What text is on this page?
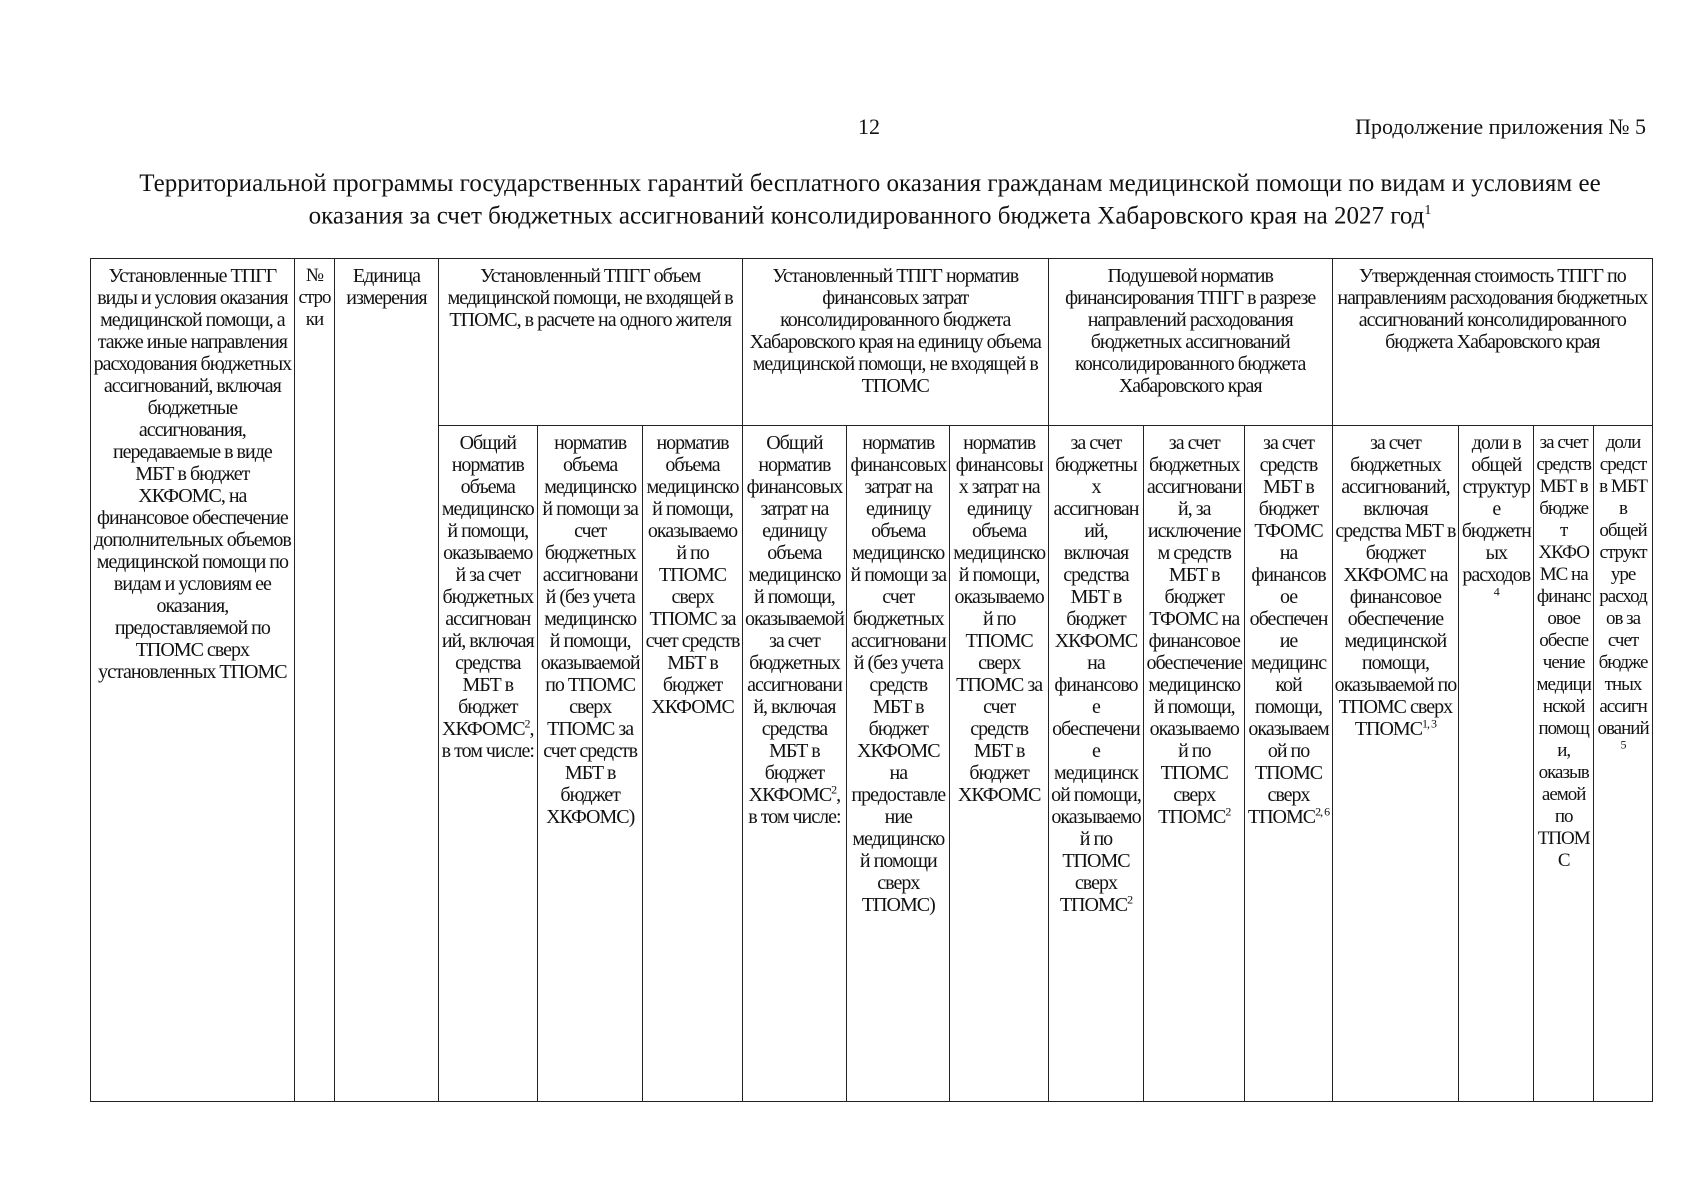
12	Продолжение приложения № 5
Территориальной программы государственных гарантий бесплатного оказания гражданам медицинской помощи по видам и условиям ее оказания за счет бюджетных ассигнований консолидированного бюджета Хабаровского края на 2027 год$^1$
Установленные ТПГГ виды и условия оказания медицинской помощи, а также иные направления расходования бюджетных ассигнований, включая бюджетные ассигнования, передаваемые в виде МБТ в бюджет ХКФОМС, на финансовое обеспечение дополнительных объемов медицинской помощи по видам и условиям ее оказания, предоставляемой по ТПОМС сверх установленных ТПОМС	№ строки	Единица измерения	Установленный ТПГГ объем медицинской помощи, не входящей в ТПОМС, в расчете на одного жителя			Установленный ТПГГ норматив финансовых затрат консолидированного бюджета Хабаровского края на единицу объема медицинской помощи, не входящей в ТПОМС			Подушевой норматив финансирования ТПГГ в разрезе направлений расходования бюджетных ассигнований консолидированного бюджета Хабаровского края			Утвержденная стоимость ТПГГ по направлениям расходования бюджетных ассигнований консолидированного бюджета Хабаровского края			
			Общий норматив объема медицинской помощи, оказываемой за счет бюджетных ассигнований, включая средства МБТ в бюджет ХКФОМС$^2$, в том числе:	норматив объема медицинской помощи за счет бюджетных ассигнований (без учета медицинской помощи, оказываемой по ТПОМС сверх ТПОМС за счет средств МБТ в бюджет ХКФОМС)	норматив объема медицинской помощи, оказываемой по ТПОМС сверх ТПОМС за счет средств МБТ в бюджет ХКФОМС	Общий норматив финансовых затрат на единицу объема медицинской помощи, оказываемой за счет бюджетных ассигнований, включая средства МБТ в бюджет ХКФОМС$^2$, в том числе:	норматив финансовых затрат на единицу объема медицинской помощи за счет бюджетных ассигнований (без учета средств МБТ в бюджет ХКФОМС на предоставление медицинской помощи сверх ТПОМС)	норматив финансовых затрат на единицу объема медицинской помощи, оказываемой по ТПОМС сверх ТПОМС за счет средств МБТ в бюджет ХКФОМС	за счет бюджетных ассигнований, включая средства МБТ в бюджет ХКФОМС на финансовое обеспечение медицинской помощи, оказываемой по ТПОМС сверх ТПОМС$^2$	за счет бюджетных ассигнований, за исключением средств МБТ в бюджет ТФОМС на финансовое обеспечение медицинской помощи, оказываемой по ТПОМС сверх ТПОМС$^2$	за счет средств МБТ в бюджет ТФОМС на финансовое обеспечение медицинской помощи, оказываемой по ТПОМС сверх ТПОМС$^{2, 6}$	за счет бюджетных ассигнований, включая средства МБТ в бюджет ХКФОМС на финансовое обеспечение медицинской помощи, оказываемой по ТПОМС сверх ТПОМС$^{1, 3}$	доли в общей структуре бюджетных расходов$^4$	за счет средств МБТ в бюджет ХКФОМС на финансовое обеспечение медицинской помощи, оказываемой по ТПОМС	доли средств МБТ в общей структуре расходов за счет бюджетных ассигнований$^5$
